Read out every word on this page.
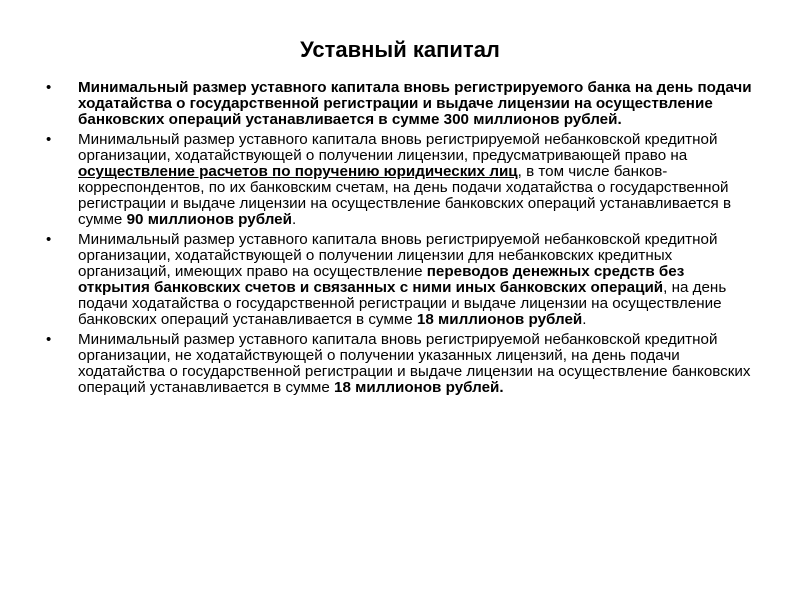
Уставный капитал
•	Минимальный размер уставного капитала вновь регистрируемого банка на день подачи ходатайства о государственной регистрации и выдаче лицензии на осуществление банковских операций устанавливается в сумме 300 миллионов рублей.
•	Минимальный размер уставного капитала вновь регистрируемой небанковской кредитной организации, ходатайствующей о получении лицензии, предусматривающей право на осуществление расчетов по поручению юридических лиц, в том числе банков-корреспондентов, по их банковским счетам, на день подачи ходатайства о государственной регистрации и выдаче лицензии на осуществление банковских операций устанавливается в сумме 90 миллионов рублей.
•	Минимальный размер уставного капитала вновь регистрируемой небанковской кредитной организации, ходатайствующей о получении лицензии для небанковских кредитных организаций, имеющих право на осуществление переводов денежных средств без открытия банковских счетов и связанных с ними иных банковских операций, на день подачи ходатайства о государственной регистрации и выдаче лицензии на осуществление банковских операций устанавливается в сумме 18 миллионов рублей.
•	Минимальный размер уставного капитала вновь регистрируемой небанковской кредитной организации, не ходатайствующей о получении указанных лицензий, на день подачи ходатайства о государственной регистрации и выдаче лицензии на осуществление банковских операций устанавливается в сумме 18 миллионов рублей.
